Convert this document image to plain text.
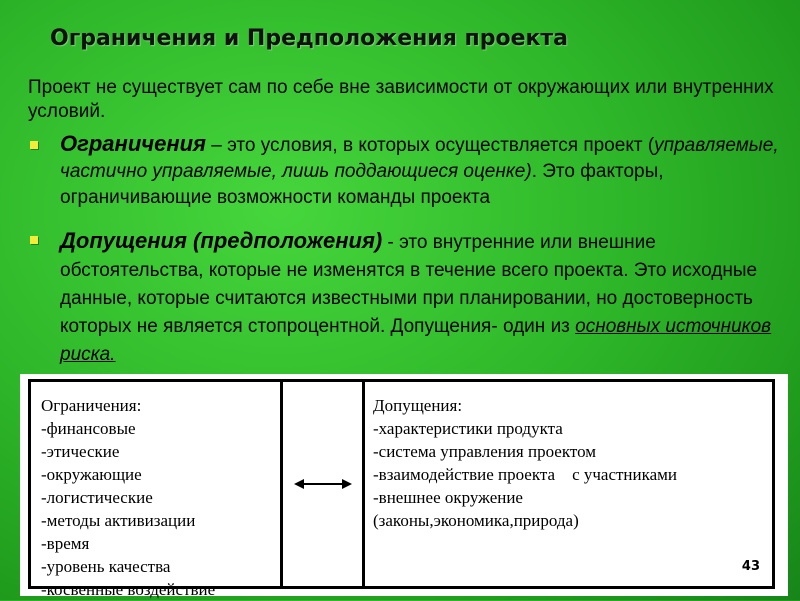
Ограничения и Предположения проекта
Проект не существует сам по себе вне зависимости от окружающих или внутренних условий.
Ограничения – это условия, в которых осуществляется проект (управляемые, частично управляемые, лишь поддающиеся оценке). Это факторы, ограничивающие возможности команды проекта
Допущения (предположения) - это внутренние или внешние обстоятельства, которые не изменятся в течение всего проекта. Это исходные данные, которые считаются известными при планировании, но достоверность которых не является стопроцентной. Допущения- один из основных источников риска.
Ограничения:
-финансовые
-этические
-окружающие
-логистические
-методы активизации
-время
-уровень качества
-косвенные воздействие
Допущения:
-характеристики продукта
-система управления проектом
-взаимодействие проекта    с участниками
-внешнее окружение
(законы,экономика,природа)
43
